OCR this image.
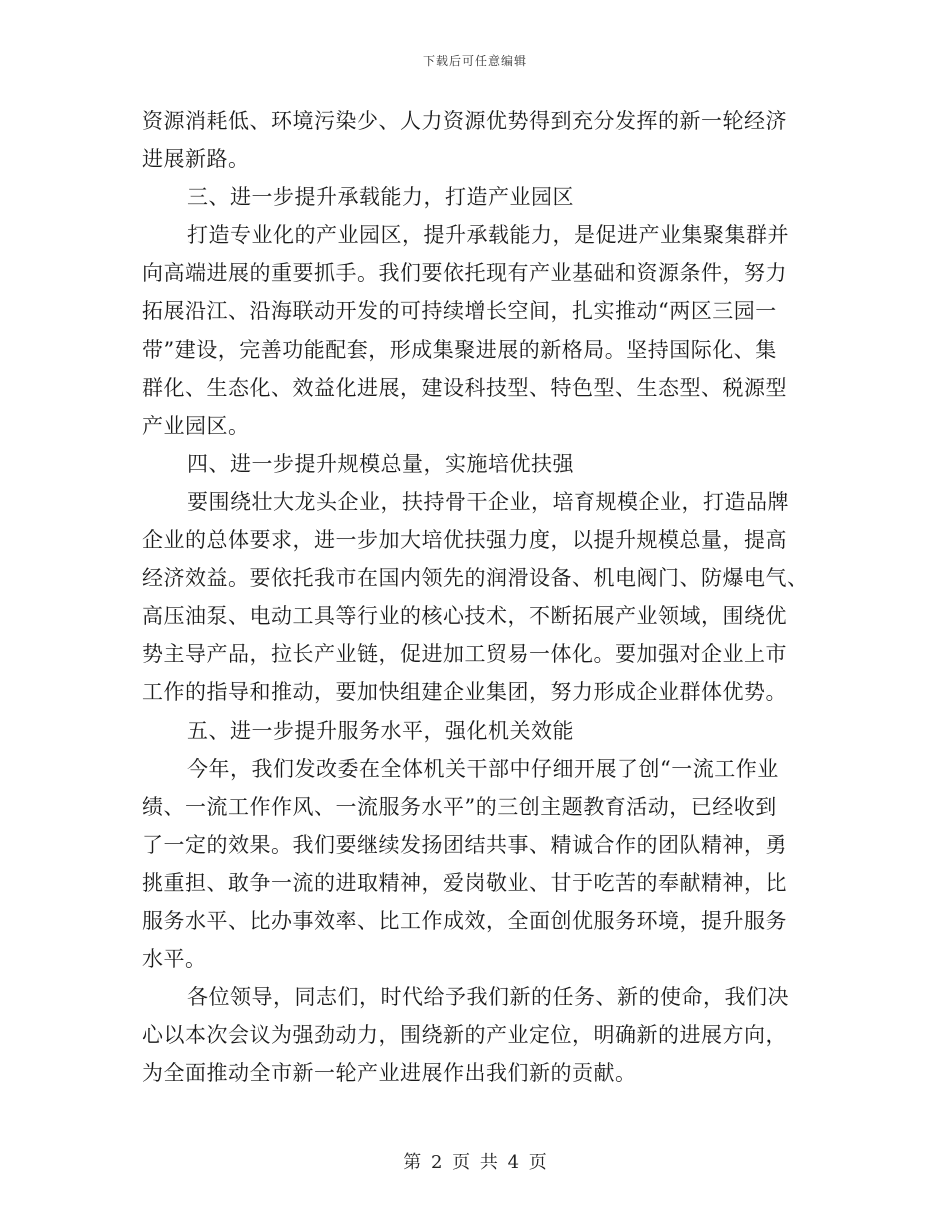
下载后可任意编辑
资源消耗低、环境污染少、人力资源优势得到充分发挥的新一轮经济
进展新路。
三、进一步提升承载能力，打造产业园区
打造专业化的产业园区，提升承载能力，是促进产业集聚集群并
向高端进展的重要抓手。我们要依托现有产业基础和资源条件，努力
拓展沿江、沿海联动开发的可持续增长空间，扎实推动“两区三园一
带”建设，完善功能配套，形成集聚进展的新格局。坚持国际化、集
群化、生态化、效益化进展，建设科技型、特色型、生态型、税源型
产业园区。
四、进一步提升规模总量，实施培优扶强
要围绕壮大龙头企业，扶持骨干企业，培育规模企业，打造品牌
企业的总体要求，进一步加大培优扶强力度，以提升规模总量，提高
经济效益。要依托我市在国内领先的润滑设备、机电阀门、防爆电气、
高压油泵、电动工具等行业的核心技术，不断拓展产业领域，围绕优
势主导产品，拉长产业链，促进加工贸易一体化。要加强对企业上市
工作的指导和推动，要加快组建企业集团，努力形成企业群体优势。
五、进一步提升服务水平，强化机关效能
今年，我们发改委在全体机关干部中仔细开展了创“一流工作业
绩、一流工作作风、一流服务水平”的三创主题教育活动，已经收到
了一定的效果。我们要继续发扬团结共事、精诚合作的团队精神，勇
挑重担、敢争一流的进取精神，爱岗敬业、甘于吃苦的奉献精神，比
服务水平、比办事效率、比工作成效，全面创优服务环境，提升服务
水平。
各位领导，同志们，时代给予我们新的任务、新的使命，我们决
心以本次会议为强劲动力，围绕新的产业定位，明确新的进展方向，
为全面推动全市新一轮产业进展作出我们新的贡献。
第 2 页 共 4 页
